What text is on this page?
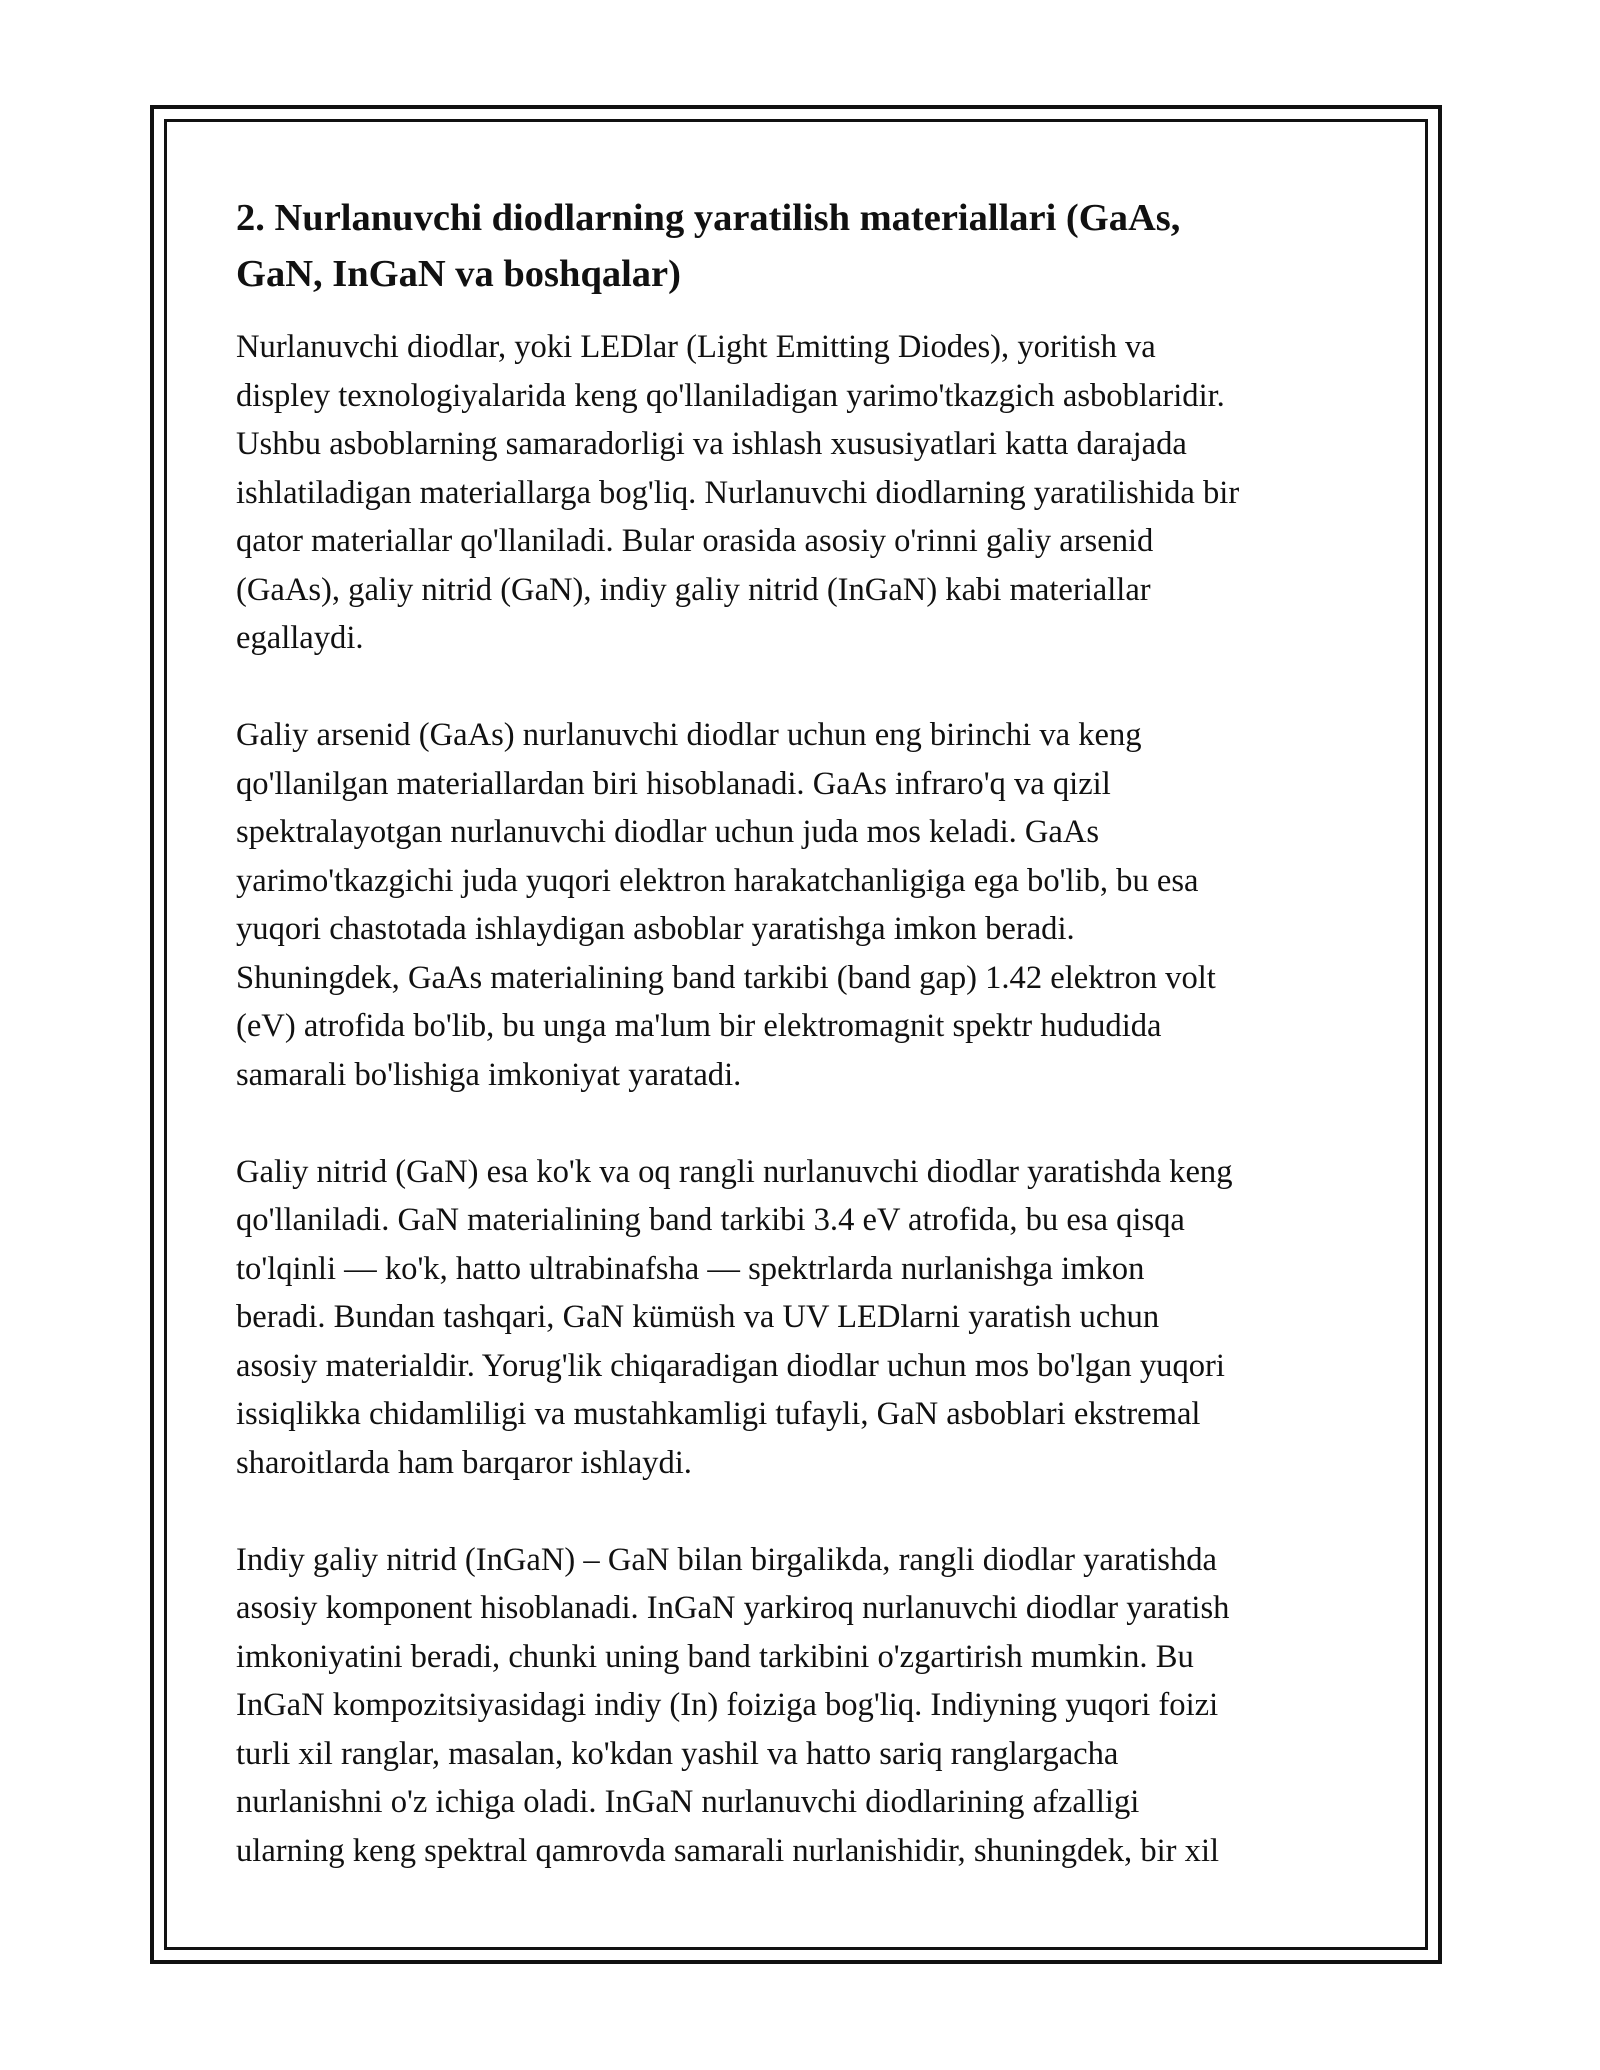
2. Nurlanuvchi diodlarning yaratilish materiallari (GaAs,
GaN, InGaN va boshqalar)

Nurlanuvchi diodlar, yoki LEDlar (Light Emitting Diodes), yoritish va
displey texnologiyalarida keng qo'llaniladigan yarimo'tkazgich asboblaridir.
Ushbu asboblarning samaradorligi va ishlash xususiyatlari katta darajada
ishlatiladigan materiallarga bog'liq. Nurlanuvchi diodlarning yaratilishida bir
qator materiallar qo'llaniladi. Bular orasida asosiy o'rinni galiy arsenid
(GaAs), galiy nitrid (GaN), indiy galiy nitrid (InGaN) kabi materiallar
egallaydi.

Galiy arsenid (GaAs) nurlanuvchi diodlar uchun eng birinchi va keng
qo'llanilgan materiallardan biri hisoblanadi. GaAs infraro'q va qizil
spektralayotgan nurlanuvchi diodlar uchun juda mos keladi. GaAs
yarimo'tkazgichi juda yuqori elektron harakatchanligiga ega bo'lib, bu esa
yuqori chastotada ishlaydigan asboblar yaratishga imkon beradi.
Shuningdek, GaAs materialining band tarkibi (band gap) 1.42 elektron volt
(eV) atrofida bo'lib, bu unga ma'lum bir elektromagnit spektr hududida
samarali bo'lishiga imkoniyat yaratadi.

Galiy nitrid (GaN) esa ko'k va oq rangli nurlanuvchi diodlar yaratishda keng
qo'llaniladi. GaN materialining band tarkibi 3.4 eV atrofida, bu esa qisqa
to'lqinli — ko'k, hatto ultrabinafsha — spektrlarda nurlanishga imkon
beradi. Bundan tashqari, GaN kümüsh va UV LEDlarni yaratish uchun
asosiy materialdir. Yorug'lik chiqaradigan diodlar uchun mos bo'lgan yuqori
issiqlikka chidamliligi va mustahkamligi tufayli, GaN asboblari ekstremal
sharoitlarda ham barqaror ishlaydi.

Indiy galiy nitrid (InGaN) – GaN bilan birgalikda, rangli diodlar yaratishda
asosiy komponent hisoblanadi. InGaN yarkiroq nurlanuvchi diodlar yaratish
imkoniyatini beradi, chunki uning band tarkibini o'zgartirish mumkin. Bu
InGaN kompozitsiyasidagi indiy (In) foiziga bog'liq. Indiyning yuqori foizi
turli xil ranglar, masalan, ko'kdan yashil va hatto sariq ranglargacha
nurlanishni o'z ichiga oladi. InGaN nurlanuvchi diodlarining afzalligi
ularning keng spektral qamrovda samarali nurlanishidir, shuningdek, bir xil
